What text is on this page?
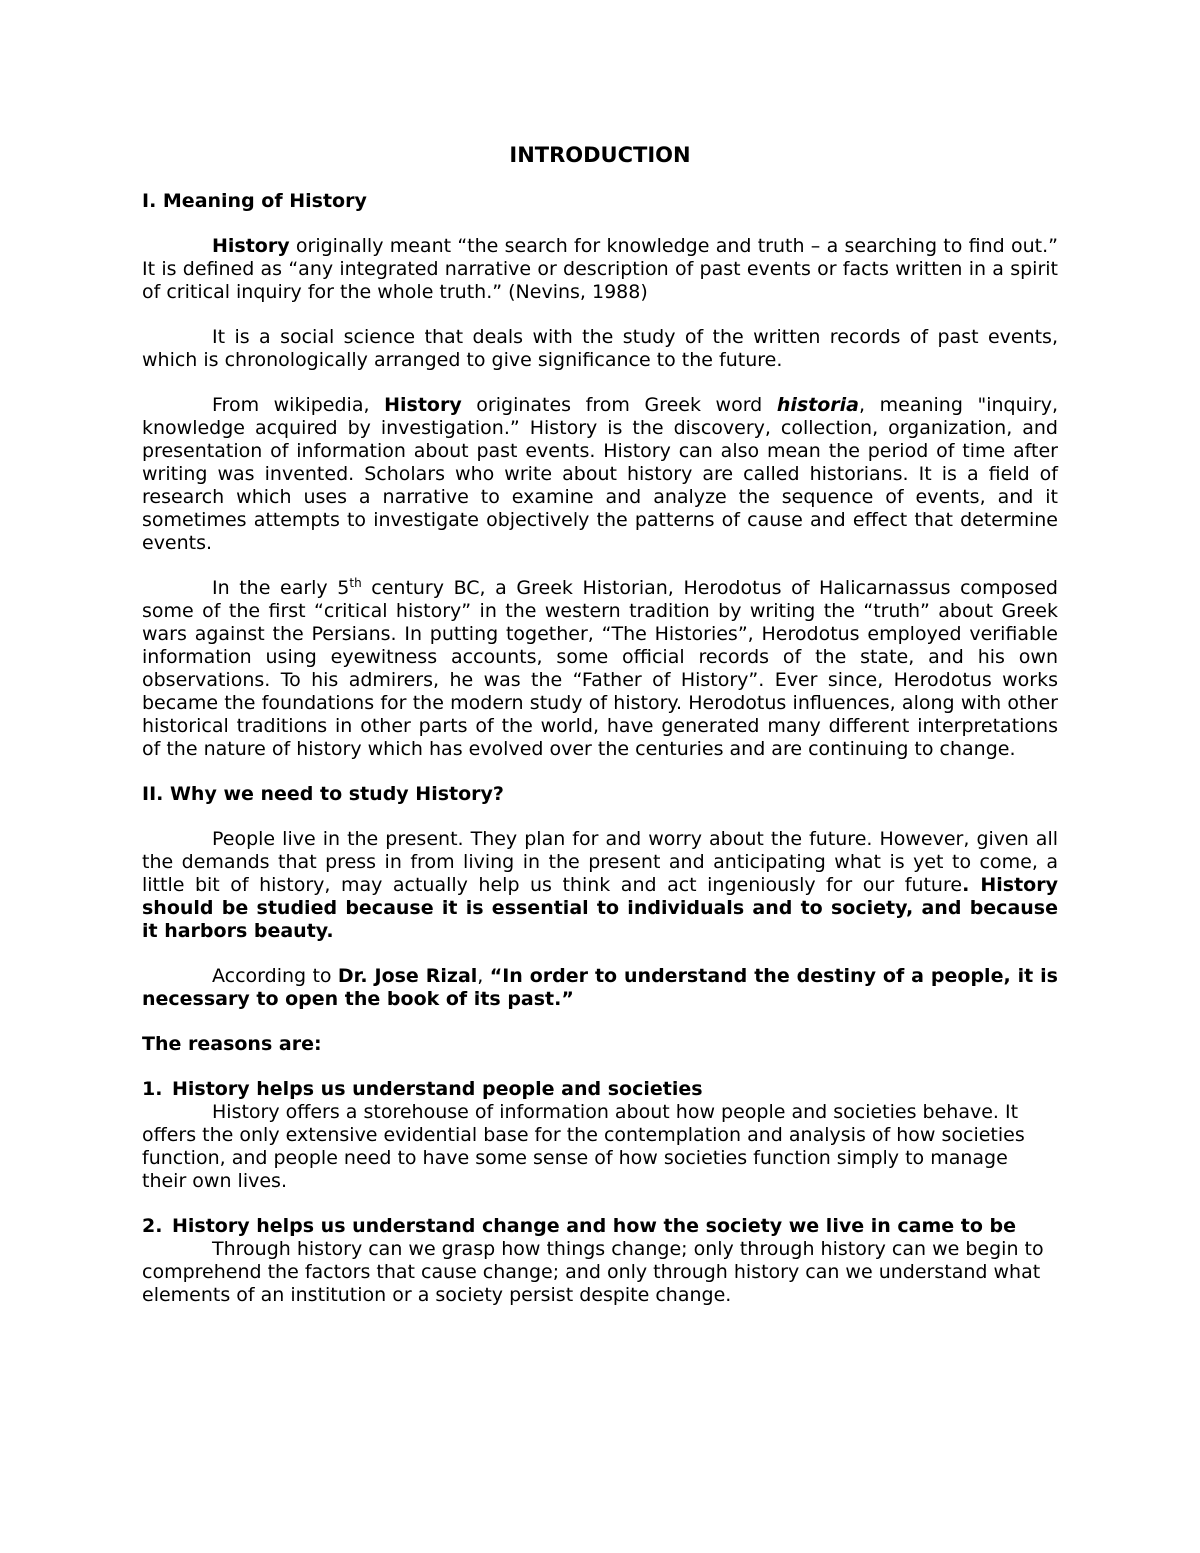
INTRODUCTION
I. Meaning of History

History originally meant “the search for knowledge and truth – a searching to find out.” It is defined as “any integrated narrative or description of past events or facts written in a spirit of critical inquiry for the whole truth.” (Nevins, 1988)

It is a social science that deals with the study of the written records of past events, which is chronologically arranged to give significance to the future.

From wikipedia, History originates from Greek word historia, meaning "inquiry, knowledge acquired by investigation.” History is the discovery, collection, organization, and presentation of information about past events. History can also mean the period of time after writing was invented. Scholars who write about history are called historians. It is a field of research which uses a narrative to examine and analyze the sequence of events, and it sometimes attempts to investigate objectively the patterns of cause and effect that determine events.

In the early 5th century BC, a Greek Historian, Herodotus of Halicarnassus composed some of the first “critical history” in the western tradition by writing the “truth” about Greek wars against the Persians. In putting together, “The Histories”, Herodotus employed verifiable information using eyewitness accounts, some official records of the state, and his own observations. To his admirers, he was the “Father of History”. Ever since, Herodotus works became the foundations for the modern study of history. Herodotus influences, along with other historical traditions in other parts of the world, have generated many different interpretations of the nature of history which has evolved over the centuries and are continuing to change.

II. Why we need to study History?

People live in the present. They plan for and worry about the future. However, given all the demands that press in from living in the present and anticipating what is yet to come, a little bit of history, may actually help us think and act ingeniously for our future. History should be studied because it is essential to individuals and to society, and because it harbors beauty.

According to Dr. Jose Rizal, “In order to understand the destiny of a people, it is necessary to open the book of its past.”

The reasons are:
1. History helps us understand people and societies

History offers a storehouse of information about how people and societies behave. It offers the only extensive evidential base for the contemplation and analysis of how societies function, and people need to have some sense of how societies function simply to manage their own lives.

2. History helps us understand change and how the society we live in came to be

Through history can we grasp how things change; only through history can we begin to comprehend the factors that cause change; and only through history can we understand what elements of an institution or a society persist despite change.
